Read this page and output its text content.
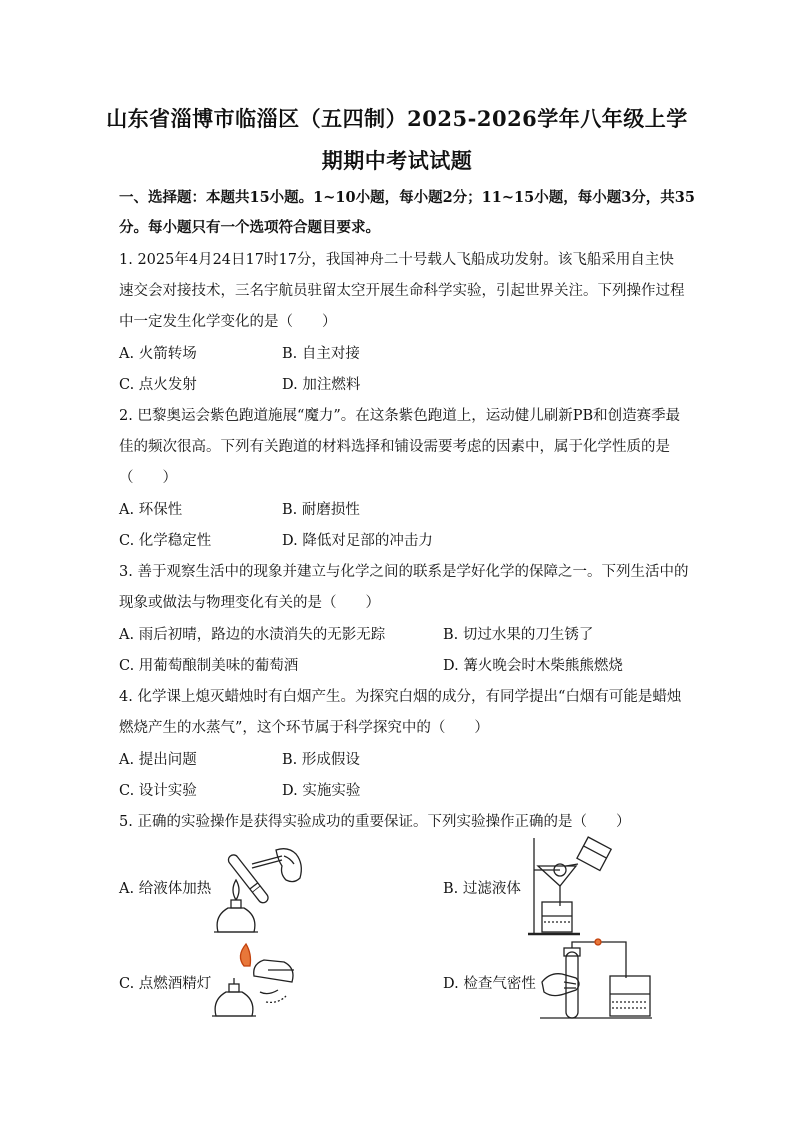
山东省淄博市临淄区（五四制）2025-2026学年八年级上学
期期中考试试题
一、选择题：本题共15小题。1~10小题，每小题2分；11~15小题，每小题3分，共35
分。每小题只有一个选项符合题目要求。
1. 2025年4月24日17时17分，我国神舟二十号载人飞船成功发射。该飞船采用自主快
速交会对接技术，三名宇航员驻留太空开展生命科学实验，引起世界关注。下列操作过程
中一定发生化学变化的是（　　）
A. 火箭转场	B. 自主对接
C. 点火发射	D. 加注燃料
2. 巴黎奥运会紫色跑道施展“魔力”。在这条紫色跑道上，运动健儿刷新PB和创造赛季最
佳的频次很高。下列有关跑道的材料选择和铺设需要考虑的因素中，属于化学性质的是
（　　）
A. 环保性	B. 耐磨损性
C. 化学稳定性	D. 降低对足部的冲击力
3. 善于观察生活中的现象并建立与化学之间的联系是学好化学的保障之一。下列生活中的
现象或做法与物理变化有关的是（　　）
A. 雨后初晴，路边的水渍消失的无影无踪	B. 切过水果的刀生锈了
C. 用葡萄酿制美味的葡萄酒	D. 篝火晚会时木柴熊熊燃烧
4. 化学课上熄灭蜡烛时有白烟产生。为探究白烟的成分，有同学提出“白烟有可能是蜡烛
燃烧产生的水蒸气”，这个环节属于科学探究中的（　　）
A. 提出问题	B. 形成假设
C. 设计实验	D. 实施实验
5. 正确的实验操作是获得实验成功的重要保证。下列实验操作正确的是（　　）
A. 给液体加热	B. 过滤液体
C. 点燃酒精灯	D. 检查气密性
